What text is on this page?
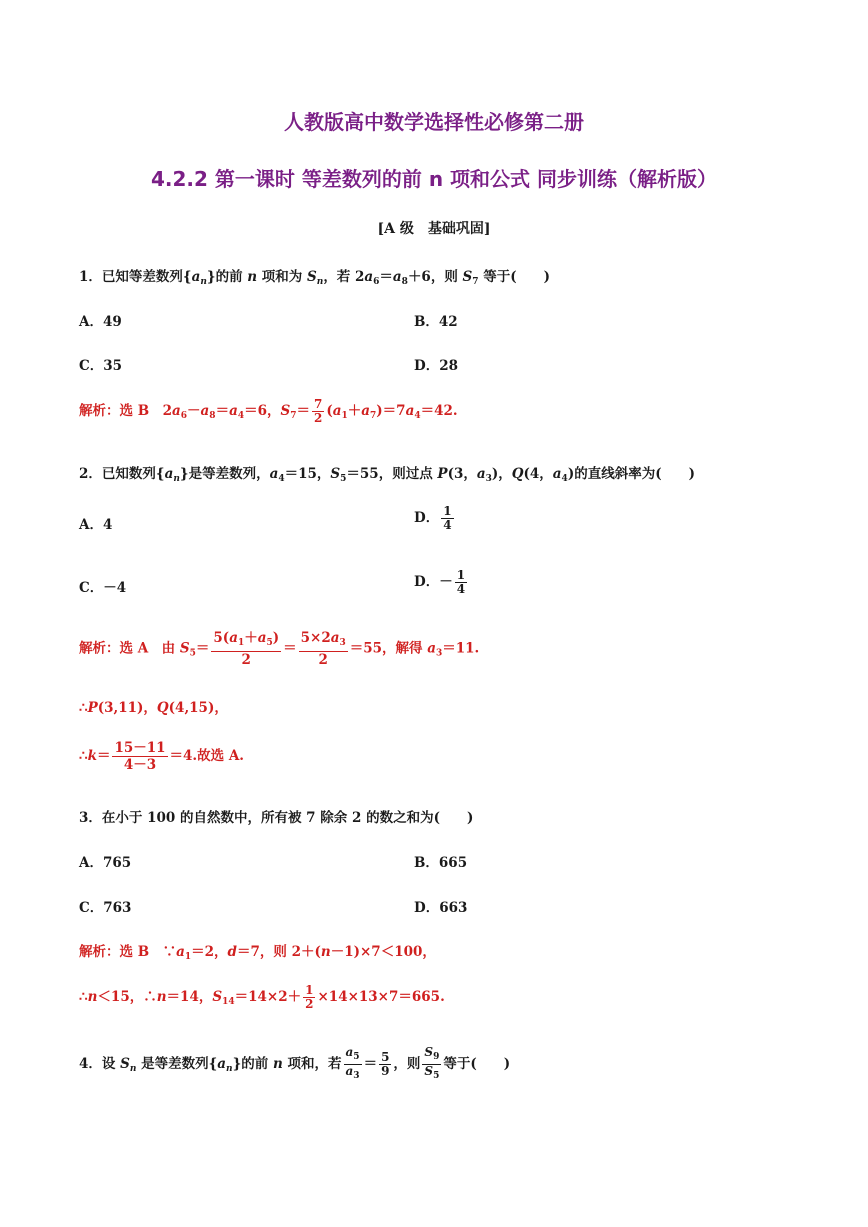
人教版高中数学选择性必修第二册
4.2.2 第一课时 等差数列的前 n 项和公式 同步训练（解析版）
[A 级　基础巩固]
1．已知等差数列$\{a_n\}$的前 n 项和为 $S_n$，若 $2a_6=a_8+6$，则 $S_7$ 等于(　　)
A．49	B．42
C．35	D．28
解析：选 B　$2a_6-a_8=a_4=6$，$S_7= \frac{7}{2} (a_1+a_7)=7a_4=42$.
2．已知数列$\{a_n\}$是等差数列，$a_4=15$，$S_5=55$，则过点 P(3，$a_3$)，Q(4，$a_4$)的直线斜率为(　　)
A．4	D． $\frac{1}{4}$
C．－4	D．－ $\frac{1}{4}$
解析：选 A　由 $S_5= \frac{5(a_1+a_5)}{2} = \frac{5\times 2a_3}{2} =55$，解得 $a_3=11$.
∴P(3,11)，Q(4,15)，
∴k＝ $\frac{15-11}{4-3} =4$.故选 A.
3．在小于 100 的自然数中，所有被 7 除余 2 的数之和为(　　)
A．765	B．665
C．763	D．663
解析：选 B　$\because a_1=2$，d＝7，则 2＋(n－1)×7＜100，
∴n＜15，∴n＝14，$S_{14}=14\times 2+ \frac{1}{2} \times 14\times 13\times 7=665$.
4．设 $S_n$ 是等差数列$\{a_n\}$的前 n 项和，若 $\frac{a_5}{a_3} = \frac{5}{9}$ ，则 $\frac{S_9}{S_5}$ 等于(　　)
